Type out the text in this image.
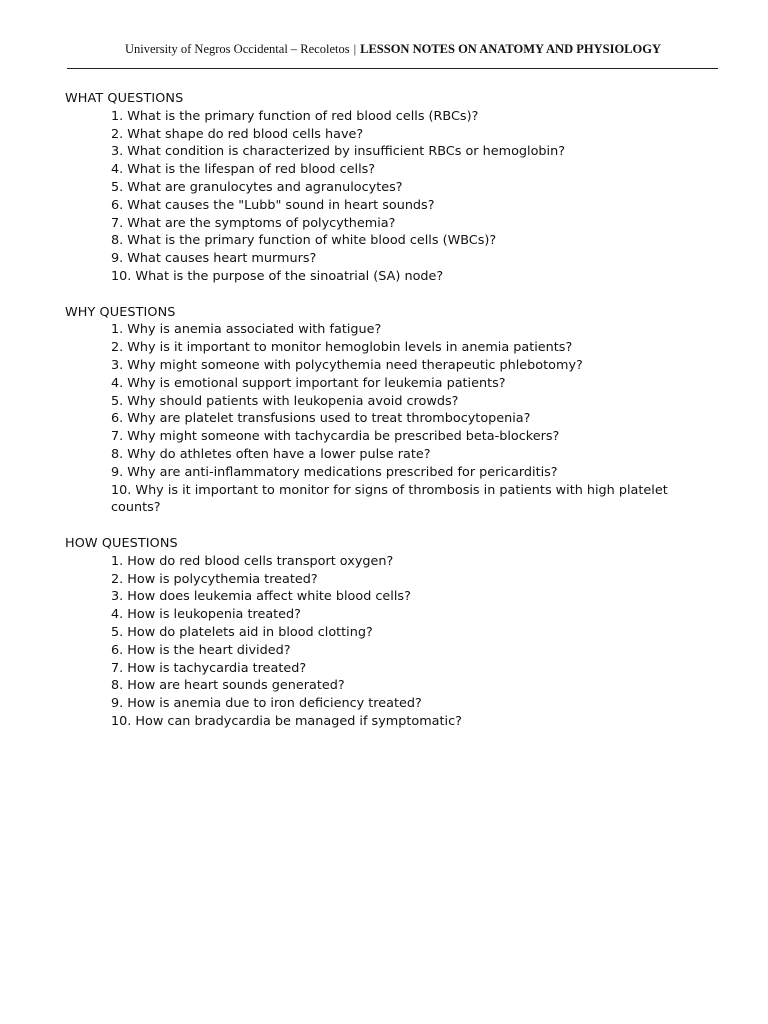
University of Negros Occidental – Recoletos | LESSON NOTES ON ANATOMY AND PHYSIOLOGY

WHAT QUESTIONS

1. What is the primary function of red blood cells (RBCs)?
2. What shape do red blood cells have?
3. What condition is characterized by insufficient RBCs or hemoglobin?
4. What is the lifespan of red blood cells?
5. What are granulocytes and agranulocytes?
6. What causes the "Lubb" sound in heart sounds?
7. What are the symptoms of polycythemia?
8. What is the primary function of white blood cells (WBCs)?
9. What causes heart murmurs?
10. What is the purpose of the sinoatrial (SA) node?

WHY QUESTIONS

1. Why is anemia associated with fatigue?
2. Why is it important to monitor hemoglobin levels in anemia patients?
3. Why might someone with polycythemia need therapeutic phlebotomy?
4. Why is emotional support important for leukemia patients?
5. Why should patients with leukopenia avoid crowds?
6. Why are platelet transfusions used to treat thrombocytopenia?
7. Why might someone with tachycardia be prescribed beta-blockers?
8. Why do athletes often have a lower pulse rate?
9. Why are anti-inflammatory medications prescribed for pericarditis?
10. Why is it important to monitor for signs of thrombosis in patients with high platelet counts?

HOW QUESTIONS

1. How do red blood cells transport oxygen?
2. How is polycythemia treated?
3. How does leukemia affect white blood cells?
4. How is leukopenia treated?
5. How do platelets aid in blood clotting?
6. How is the heart divided?
7. How is tachycardia treated?
8. How are heart sounds generated?
9. How is anemia due to iron deficiency treated?
10. How can bradycardia be managed if symptomatic?
